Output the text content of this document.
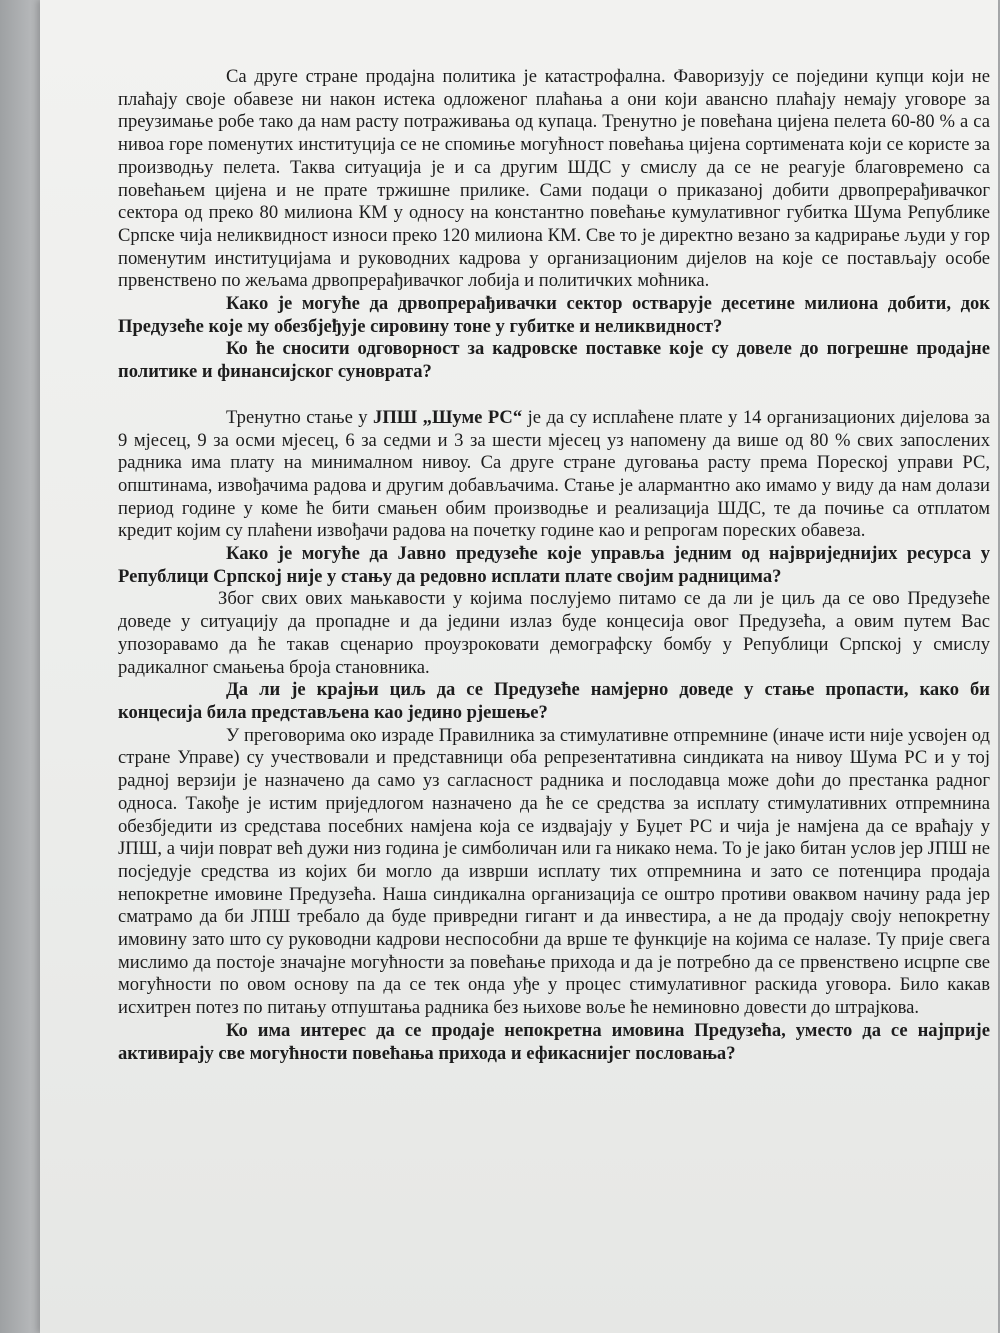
Са друге стране продајна политика је катастрофална. Фаворизују се поједини купци који не плаћају своје обавезе ни након истека одложеног плаћања а они који авансно плаћају немају уговоре за преузимање робе тако да нам расту потраживања од купаца. Тренутно је повећана цијена пелета 60-80 % а са нивоа горе поменутих институција се не спомиње могућност повећања цијена сортимената који се користе за производњу пелета. Таква ситуација је и са другим ШДС у смислу да се не реагује благовремено са повећањем цијена и не прате тржишне прилике. Сами подаци о приказаној добити дрвопрерађивачког сектора од преко 80 милиона КМ у односу на константно повећање кумулативног губитка Шума Републике Српске чија неликвидност износи преко 120 милиона КМ. Све то је директно везано за кадрирање људи у гор поменутим институцијама и руководних кадрова у организационим дијелов на које се постављају особе првенствено по жељама дрвопрерађивачког лобија и политичких моћника.

Како је могуће да дрвопрерађивачки сектор остварује десетине милиона добити, док Предузеће које му обезбјеђује сировину тоне у губитке и неликвидност?

Ко ће сносити одговорност за кадровске поставке које су довеле до погрешне продајне политике и финансијског суноврата?

Тренутно стање у ЈПШ „Шуме РС“ је да су исплаћене плате у 14 организационих дијелова за 9 мјесец, 9 за осми мјесец, 6 за седми и 3 за шести мјесец уз напомену да више од 80 % свих запослених радника има плату на минималном нивоу. Са друге стране дуговања расту према Пореској управи РС, општинама, извођачима радова и другим добављачима. Стање је алармантно ако имамо у виду да нам долази период године у коме ће бити смањен обим производње и реализација ШДС, те да почиње са отплатом кредит којим су плаћени извођачи радова на почетку године као и репрогам пореских обавеза.

Како је могуће да Јавно предузеће које управља једним од највриједнијих ресурса у Републици Српској није у стању да редовно исплати плате својим радницима?

Због свих ових мањкавости у којима послујемо питамо се да ли је циљ да се ово Предузеће доведе у ситуацију да пропадне и да једини излаз буде концесија овог Предузећа, а овим путем Вас упозоравамо да ће такав сценарио проузроковати демографску бомбу у Републици Српској у смислу радикалног смањења броја становника.

Да ли је крајњи циљ да се Предузеће намјерно доведе у стање пропасти, како би концесија била представљена као једино рјешење?

У преговорима око израде Правилника за стимулативне отпремнине (иначе исти није усвојен од стране Управе) су учествовали и представници оба репрезентативна синдиката на нивоу Шума РС и у тој радној верзији је назначено да само уз сагласност радника и послодавца може доћи до престанка радног односа. Такође је истим приједлогом назначено да ће се средства за исплату стимулативних отпремнина обезбједити из средстава посебних намјена која се издвајају у Буџет РС и чија је намјена да се враћају у ЈПШ, а чији поврат већ дужи низ година је симболичан или га никако нема. То је јако битан услов јер ЈПШ не посједује средства из којих би могло да изврши исплату тих отпремнина и зато се потенцира продаја непокретне имовине Предузећа. Наша синдикална организација се оштро противи оваквом начину рада јер сматрамо да би ЈПШ требало да буде привредни гигант и да инвестира, а не да продају своју непокретну имовину зато што су руководни кадрови неспособни да врше те функције на којима се налазе. Ту прије свега мислимо да постоје значајне могућности за повећање прихода и да је потребно да се првенствено исцрпе све могућности по овом основу па да се тек онда уђе у процес стимулативног раскида уговора. Било какав исхитрен потез по питању отпуштања радника без њихове воље ће неминовно довести до штрајкова.

Ко има интерес да се продаје непокретна имовина Предузећа, уместо да се најприје активирају све могућности повећања прихода и ефикаснијег пословања?
